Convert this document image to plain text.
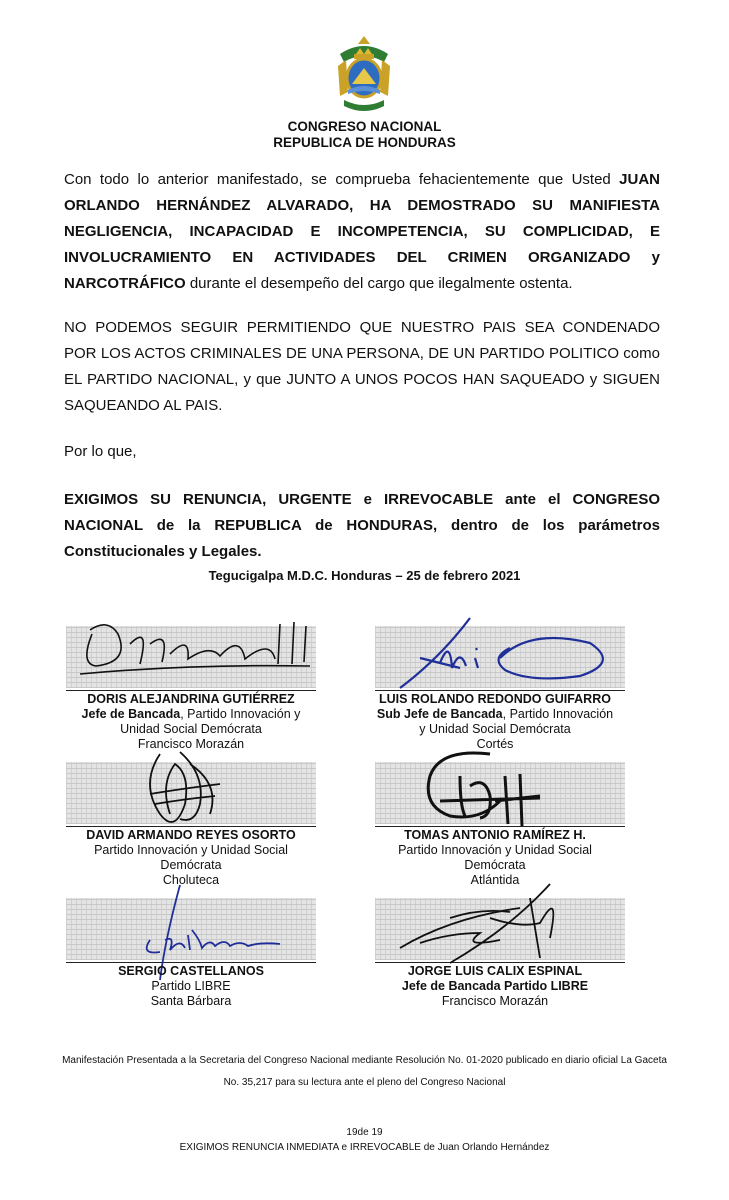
CONGRESO NACIONAL
REPUBLICA DE HONDURAS
Con todo lo anterior manifestado, se comprueba fehacientemente que Usted JUAN ORLANDO HERNÁNDEZ ALVARADO, HA DEMOSTRADO SU MANIFIESTA NEGLIGENCIA, INCAPACIDAD E INCOMPETENCIA, SU COMPLICIDAD, E INVOLUCRAMIENTO EN ACTIVIDADES DEL CRIMEN ORGANIZADO y NARCOTRÁFICO durante el desempeño del cargo que ilegalmente ostenta.
NO PODEMOS SEGUIR PERMITIENDO QUE NUESTRO PAIS SEA CONDENADO POR LOS ACTOS CRIMINALES DE UNA PERSONA, DE UN PARTIDO POLITICO como EL PARTIDO NACIONAL, y que JUNTO A UNOS POCOS HAN SAQUEADO y SIGUEN SAQUEANDO AL PAIS.
Por lo que,
EXIGIMOS SU RENUNCIA, URGENTE e IRREVOCABLE ante el CONGRESO NACIONAL de la REPUBLICA de HONDURAS, dentro de los parámetros Constitucionales y Legales.
Tegucigalpa M.D.C. Honduras – 25 de febrero 2021
DORIS ALEJANDRINA GUTIÉRREZ
Jefe de Bancada, Partido Innovación y
Unidad Social Demócrata
Francisco Morazán
LUIS ROLANDO REDONDO GUIFARRO
Sub Jefe de Bancada, Partido Innovación
y Unidad Social Demócrata
Cortés
DAVID ARMANDO REYES OSORTO
Partido Innovación y Unidad Social
Demócrata
Choluteca
TOMAS ANTONIO RAMÍREZ H.
Partido Innovación y Unidad Social
Demócrata
Atlántida
SERGIO CASTELLANOS
Partido LIBRE
Santa Bárbara
JORGE LUIS CALIX ESPINAL
Jefe de Bancada Partido LIBRE
Francisco Morazán
Manifestación Presentada a la Secretaria del Congreso Nacional mediante Resolución No. 01-2020 publicado en diario oficial La Gaceta
No. 35,217 para su lectura ante el pleno del Congreso Nacional
19de 19
EXIGIMOS RENUNCIA INMEDIATA e IRREVOCABLE de Juan Orlando Hernández
